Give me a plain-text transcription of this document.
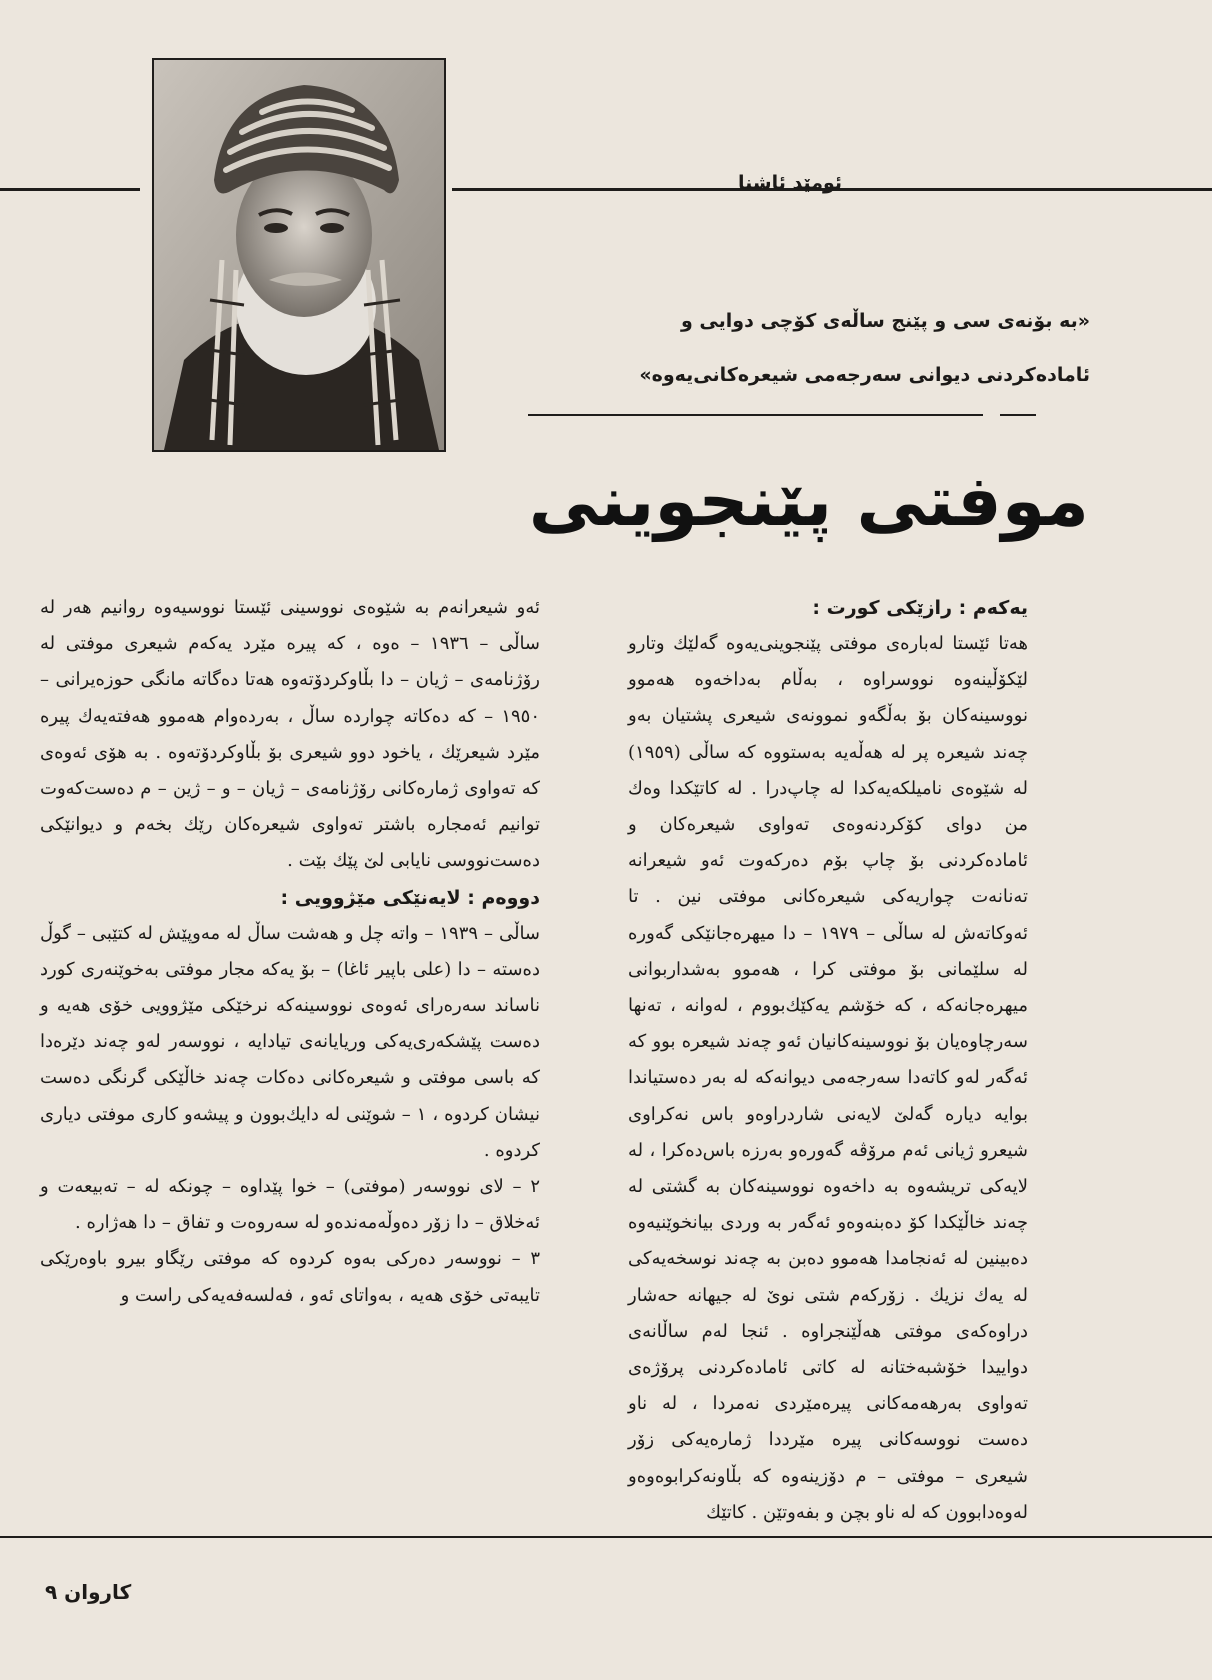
ئومێد ئاشنا
«بە بۆنەی سی و پێنج ساڵەی کۆچی دوایی و
ئامادەکردنی دیوانی سەرجەمی شیعرەکانی‌یەوە»
موفتی پێنجوینی
یەکەم : رازێکی کورت :

هەتا ئێستا لەبارەی موفتی پێنجوینی‌یەوە گەلێك وتارو لێکۆڵینەوە نووسراوە ، بەڵام بەداخەوە هەموو نووسینەکان بۆ بەڵگەو نموونەی شیعری پشتیان بەو چەند شیعرە پر لە هەڵەیە بەستووە کە ساڵی (١٩٥٩) لە شێوەی نامیلکەیەکدا لە چاپ‌درا . لە کاتێکدا وەك من دوای کۆکردنەوەی تەواوی شیعرەکان و ئامادەکردنی بۆ چاپ بۆم دەرکەوت ئەو شیعرانە تەنانەت چواریەکی شیعرەکانی موفتی نین . تا ئەوکاتەش لە ساڵی – ١٩٧٩ – دا میهرەجانێکی گەورە لە سلێمانی بۆ موفتی کرا ، هەموو بەشداربوانی میهرەجانەکە ، کە خۆشم یەکێك‌بووم ، لەوانە ، تەنها سەرچاوەیان بۆ نووسینەکانیان ئەو چەند شیعرە بوو کە ئەگەر لەو کاتەدا سەرجەمی دیوانەکە لە بەر دەستیاندا بوایە دیارە گەلێ لایەنی شاردراوەو باس نەکراوی شیعرو ژیانی ئەم مرۆڤە گەورەو بەرزە باس‌دەکرا ، لە لایەکی تریشەوە بە داخەوە نووسینەکان بە گشتی لە چەند خاڵێکدا کۆ دەبنەوەو ئەگەر بە وردی بیانخوێنیەوە دەبینین لە ئەنجامدا هەموو دەبن بە چەند نوسخەیەکی لە یەك نزیك . زۆرکەم شتی نوێ لە جیهانە حەشار دراوەکەی موفتی هەڵێنجراوە . ئنجا لەم ساڵانەی دواییدا خۆشبەختانە لە کاتی ئامادەکردنی پرۆژەی تەواوی بەرهەمەکانی پیرەمێردی نەمردا ، لە ناو دەست نووسەکانی پیرە مێرددا ژمارەیەکی زۆر شیعری – موفتی – م دۆزینەوە کە بڵاونەکرابوەوەو لەوەدابوون کە لە ناو بچن و بفەوتێن . کاتێك

ئەو شیعرانەم بە شێوەی نووسینی ئێستا نووسیەوە روانیم هەر لە ساڵی – ١٩٣٦ – ەوە ، کە پیرە مێرد یەکەم شیعری موفتی لە رۆژنامەی – ژیان – دا بڵاوکردۆتەوە هەتا دەگاتە مانگی حوزەیرانی – ١٩٥٠ – کە دەکاتە چواردە ساڵ ، بەردەوام هەموو هەفتەیەك پیرە مێرد شیعرێك ، یاخود دوو شیعری بۆ بڵاوکردۆتەوە . بە هۆی ئەوەی کە تەواوی ژمارەکانی رۆژنامەی – ژیان – و – ژین – م دەست‌کەوت توانیم ئەمجارە باشتر تەواوی شیعرەکان رێك بخەم و دیوانێکی دەست‌نووسی نایابی لێ پێك بێت .

دووەم : لایەنێکی مێژوویی :

ساڵی – ١٩٣٩ – واتە چل و هەشت ساڵ لە مەوپێش لە کتێبی – گوڵ دەستە – دا (علی باپیر ئاغا) – بۆ یەکە مجار موفتی بەخوێنەری کورد ناساند سەرەرای ئەوەی نووسینەکە نرخێکی مێژوویی خۆی هەیە و دەست پێشکەری‌یەکی وریایانەی تیادایە ، نووسەر لەو چەند دێرەدا کە باسی موفتی و شیعرەکانی دەکات چەند خاڵێکی گرنگی دەست نیشان کردوە ، ١ – شوێنی لە دایك‌بوون و پیشەو کاری موفتی دیاری کردوە .

٢ – لای نووسەر (موفتی) – خوا پێداوە – چونکە لە – تەبیعەت و ئەخلاق – دا زۆر دەوڵەمەندەو لە سەروەت و تفاق – دا هەژارە .

٣ – نووسەر دەرکی بەوە کردوە کە موفتی رێگاو بیرو باوەرێکی تایبەتی خۆی هەیە ، بەواتای ئەو ، فەلسەفەیەکی راست و

کاروان ٩
